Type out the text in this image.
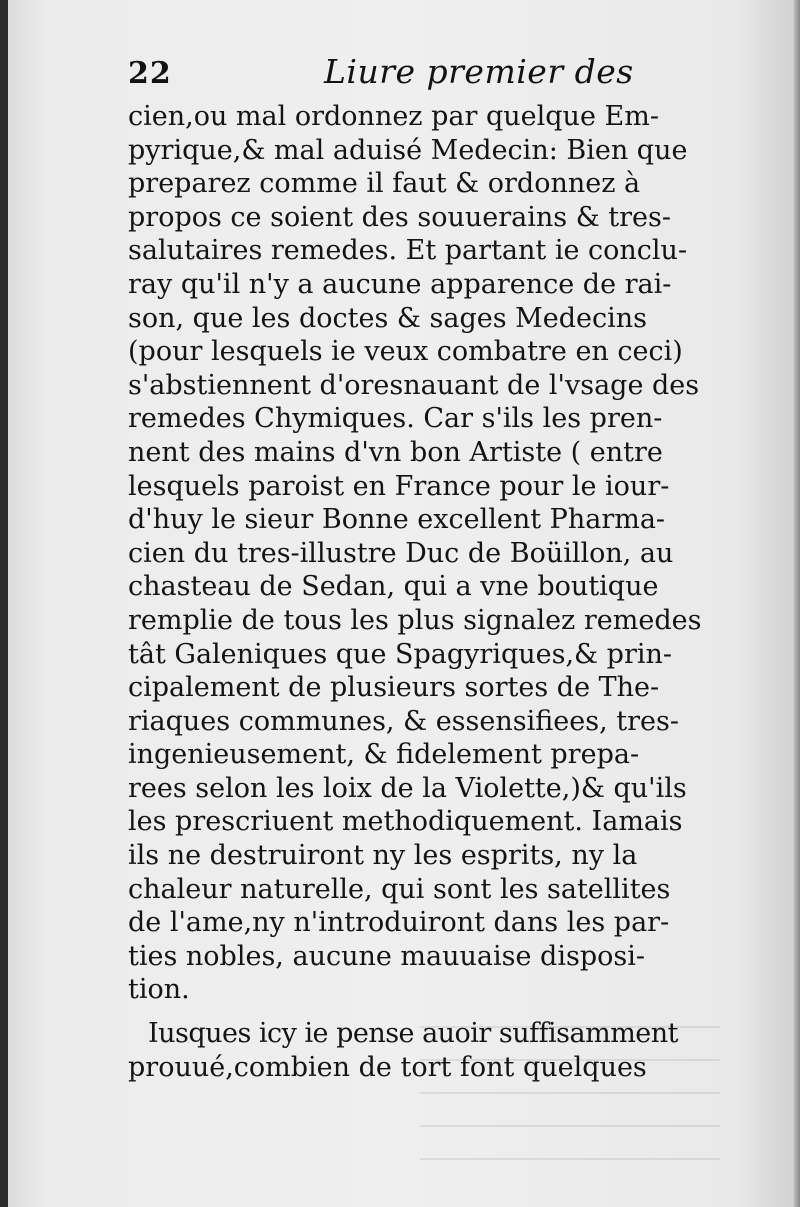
22	Liure premier des
cien,ou mal ordonnez par quelque Em-
pyrique,& mal aduisé Medecin: Bien que
preparez comme il faut & ordonnez à
propos ce soient des souuerains & tres-
salutaires remedes. Et partant ie conclu-
ray qu'il n'y a aucune apparence de rai-
son, que les doctes & sages Medecins
(pour lesquels ie veux combatre en ceci)
s'abstiennent d'oresnauant de l'vsage des
remedes Chymiques. Car s'ils les pren-
nent des mains d'vn bon Artiste ( entre
lesquels paroist en France pour le iour-
d'huy le sieur Bonne excellent Pharma-
cien du tres-illustre Duc de Boüillon, au
chasteau de Sedan, qui a vne boutique
remplie de tous les plus signalez remedes
tât Galeniques que Spagyriques,& prin-
cipalement de plusieurs sortes de The-
riaques communes, & essensifiees, tres-
ingenieusement, & fidelement prepa-
rees selon les loix de la Violette,)& qu'ils
les prescriuent methodiquement. Iamais
ils ne destruiront ny les esprits, ny la
chaleur naturelle, qui sont les satellites
de l'ame,ny n'introduiront dans les par-
ties nobles, aucune mauuaise disposi-
tion.
Iusques icy ie pense auoir suffisamment
prouué,combien de tort font quelques
